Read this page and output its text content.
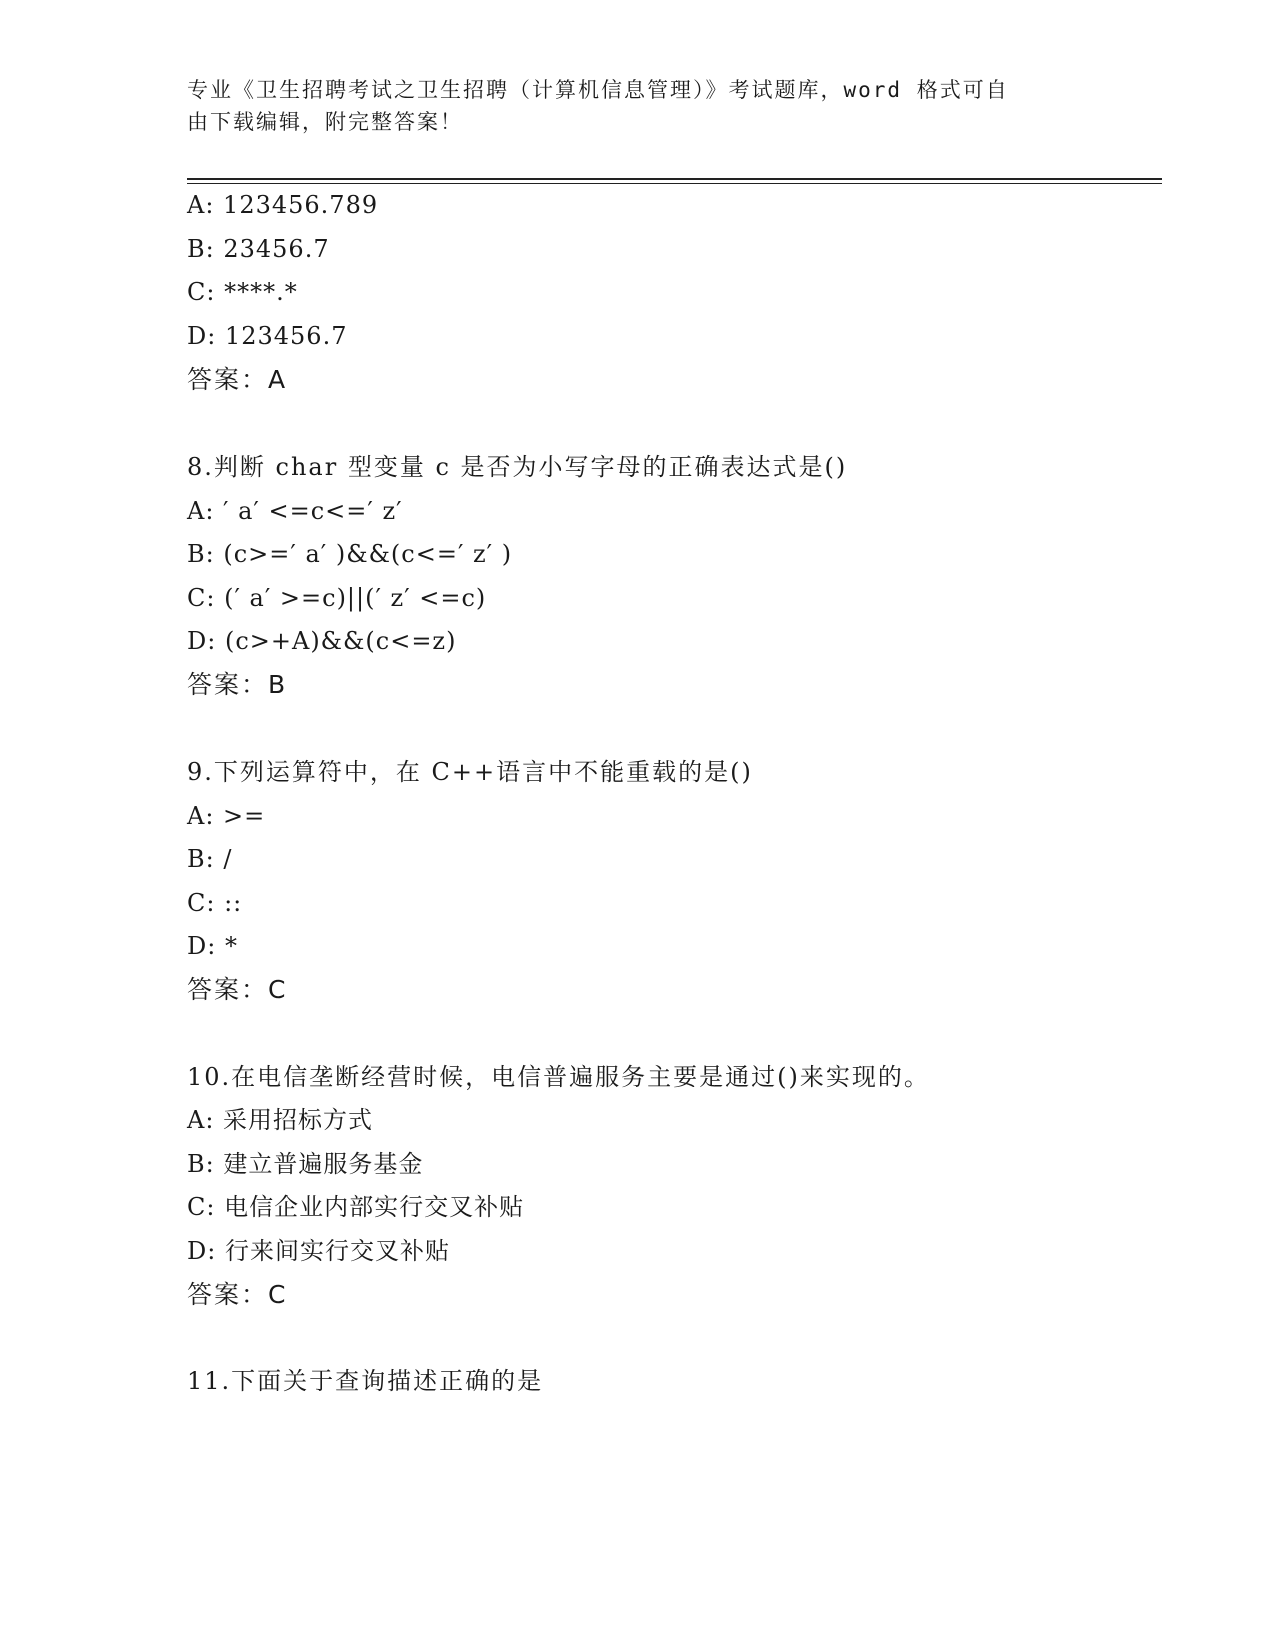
专业《卫生招聘考试之卫生招聘（计算机信息管理）》考试题库，word 格式可自
由下载编辑，附完整答案！
A: 123456.789
B: 23456.7
C: ****.*
D: 123456.7
答案：A
8.判断 char 型变量 c 是否为小写字母的正确表达式是()
A: ′ a′ <=c<=′ z′
B: (c>=′ a′ )&&(c<=′ z′ )
C: (′ a′ >=c)||(′ z′ <=c)
D: (c>+A)&&(c<=z)
答案：B
9.下列运算符中，在 C++语言中不能重载的是()
A: >=
B: /
C: ::
D: *
答案：C
10.在电信垄断经营时候，电信普遍服务主要是通过()来实现的。
A: 采用招标方式
B: 建立普遍服务基金
C: 电信企业内部实行交叉补贴
D: 行来间实行交叉补贴
答案：C
11.下面关于查询描述正确的是
